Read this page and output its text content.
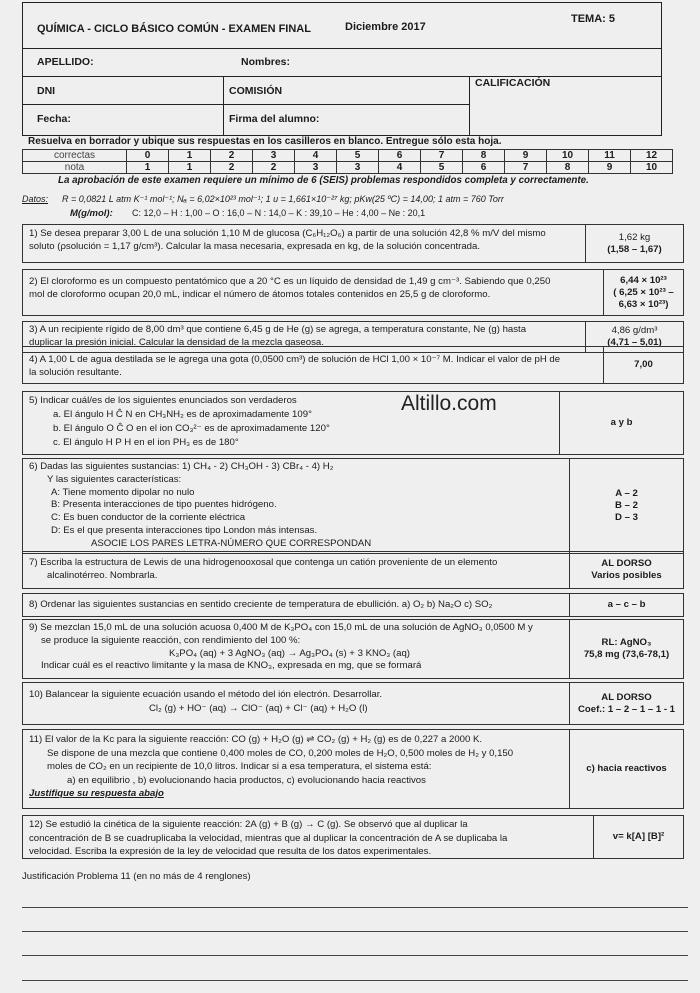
QUÍMICA - CICLO BÁSICO COMÚN - EXAMEN FINAL	Diciembre 2017
TEMA: 5
APELLIDO:	Nombres:
DNI	COMISIÓN
CALIFICACIÓN
Fecha:	Firma del alumno:
Resuelva en borrador y ubique sus respuestas en los casilleros en blanco. Entregue sólo esta hoja.
correctas	0	1	2	3	4	5	6	7	8	9	10	11	12
nota	1	1	2	2	3	3	4	5	6	7	8	9	10
La aprobación de este examen requiere un mínimo de 6 (SEIS) problemas respondidos completa y correctamente.
Datos: R = 0,0821 L atm K⁻¹ mol⁻¹; Nₐ = 6,02×10²³ mol⁻¹; 1 u = 1,661×10⁻²⁷ kg; pKw(25 ºC) = 14,00; 1 atm = 760 Torr
M(g/mol): C: 12,0 – H : 1,00 – O : 16,0 – N : 14,0 – K : 39,10 – He : 4,00 – Ne : 20,1
1) Se desea preparar 3,00 L de una solución 1,10 M de glucosa (C₆H₁₂O₆) a partir de una solución 42,8 % m/V del mismo
soluto (ρsolución = 1,17 g/cm³). Calcular la masa necesaria, expresada en kg, de la solución concentrada.
1,62 kg
(1,58 – 1,67)
2) El cloroformo es un compuesto pentatómico que a 20 °C es un líquido de densidad de 1,49 g cm⁻³. Sabiendo que 0,250
mol de cloroformo ocupan 20,0 mL, indicar el número de átomos totales contenidos en 25,5 g de cloroformo.
6,44 × 10²³
( 6,25 × 10²³ –
6,63 × 10²³)
3) A un recipiente rígido de 8,00 dm³ que contiene 6,45 g de He (g) se agrega, a temperatura constante, Ne (g) hasta
duplicar la presión inicial. Calcular la densidad de la mezcla gaseosa.
4,86 g/dm³
(4,71 – 5,01)
4) A 1,00 L de agua destilada se le agrega una gota (0,0500 cm³) de solución de HCl 1,00 × 10⁻⁷ M. Indicar el valor de pH de
la solución resultante.
7,00
5) Indicar cuál/es de los siguientes enunciados son verdaderos
a. El ángulo H Ĉ N en CH₃NH₂ es de aproximadamente 109°
b. El ángulo O Ĉ O en el ion CO₃²⁻ es de aproximadamente 120°
c. El ángulo H P H en el ion PH₃ es de 180°
Altillo.com
a y b
6) Dadas las siguientes sustancias: 1) CH₄ - 2) CH₃OH - 3) CBr₄ - 4) H₂
Y las siguientes características:
A: Tiene momento dipolar no nulo
B: Presenta interacciones de tipo puentes hidrógeno.
C: Es buen conductor de la corriente eléctrica
D: Es el que presenta interacciones tipo London más intensas.
ASOCIE LOS PARES LETRA-NÚMERO QUE CORRESPONDAN
A – 2
B – 2
D – 3
7) Escriba la estructura de Lewis de una hidrogenooxosal que contenga un catión proveniente de un elemento
alcalinotérreo. Nombrarla.
AL DORSO
Varios posibles
8) Ordenar las siguientes sustancias en sentido creciente de temperatura de ebullición. a) O₂ b) Na₂O c) SO₂	a – c – b
9) Se mezclan 15,0 mL de una solución acuosa 0,400 M de K₃PO₄ con 15,0 mL de una solución de AgNO₃ 0,0500 M y
se produce la siguiente reacción, con rendimiento del 100 %:
K₃PO₄ (aq) + 3 AgNO₃ (aq) → Ag₃PO₄ (s) + 3 KNO₃ (aq)
Indicar cuál es el reactivo limitante y la masa de KNO₃, expresada en mg, que se formará
RL: AgNO₃
75,8 mg (73,6-78,1)
10) Balancear la siguiente ecuación usando el método del ión electrón. Desarrollar.
Cl₂ (g) + HO⁻ (aq) → ClO⁻ (aq) + Cl⁻ (aq) + H₂O (l)
AL DORSO
Coef.: 1 – 2 – 1 – 1 - 1
11) El valor de la Kc para la siguiente reacción: CO (g) + H₂O (g) ⇌ CO₂ (g) + H₂ (g) es de 0,227 a 2000 K.
Se dispone de una mezcla que contiene 0,400 moles de CO, 0,200 moles de H₂O, 0,500 moles de H₂ y 0,150
moles de CO₂ en un recipiente de 10,0 litros. Indicar si a esa temperatura, el sistema está:
a) en equilibrio , b) evolucionando hacia productos, c) evolucionando hacia reactivos
Justifique su respuesta abajo
c) hacia reactivos
12) Se estudió la cinética de la siguiente reacción: 2A (g) + B (g) → C (g). Se observó que al duplicar la
concentración de B se cuadruplicaba la velocidad, mientras que al duplicar la concentración de A se duplicaba la
velocidad. Escriba la expresión de la ley de velocidad que resulta de los datos experimentales.
v= k[A] [B]²
Justificación Problema 11 (en no más de 4 renglones)
